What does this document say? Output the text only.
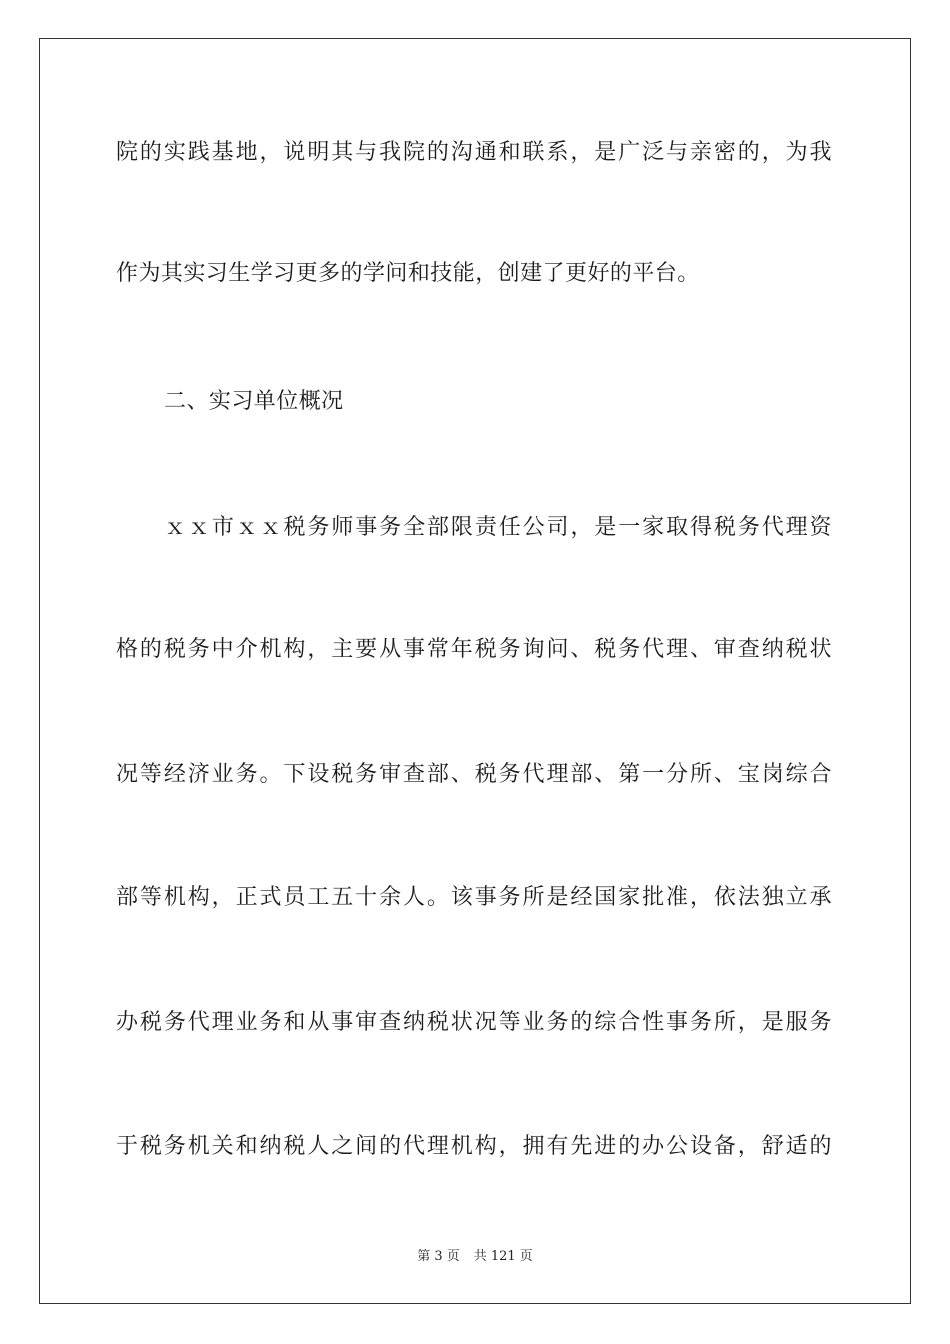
院的实践基地，说明其与我院的沟通和联系，是广泛与亲密的，为我
作为其实习生学习更多的学问和技能，创建了更好的平台。
二、实习单位概况
ｘｘ市ｘｘ税务师事务全部限责任公司，是一家取得税务代理资
格的税务中介机构，主要从事常年税务询问、税务代理、审查纳税状
况等经济业务。下设税务审查部、税务代理部、第一分所、宝岗综合
部等机构，正式员工五十余人。该事务所是经国家批准，依法独立承
办税务代理业务和从事审查纳税状况等业务的综合性事务所，是服务
于税务机关和纳税人之间的代理机构，拥有先进的办公设备，舒适的
第 3 页 共 121 页
